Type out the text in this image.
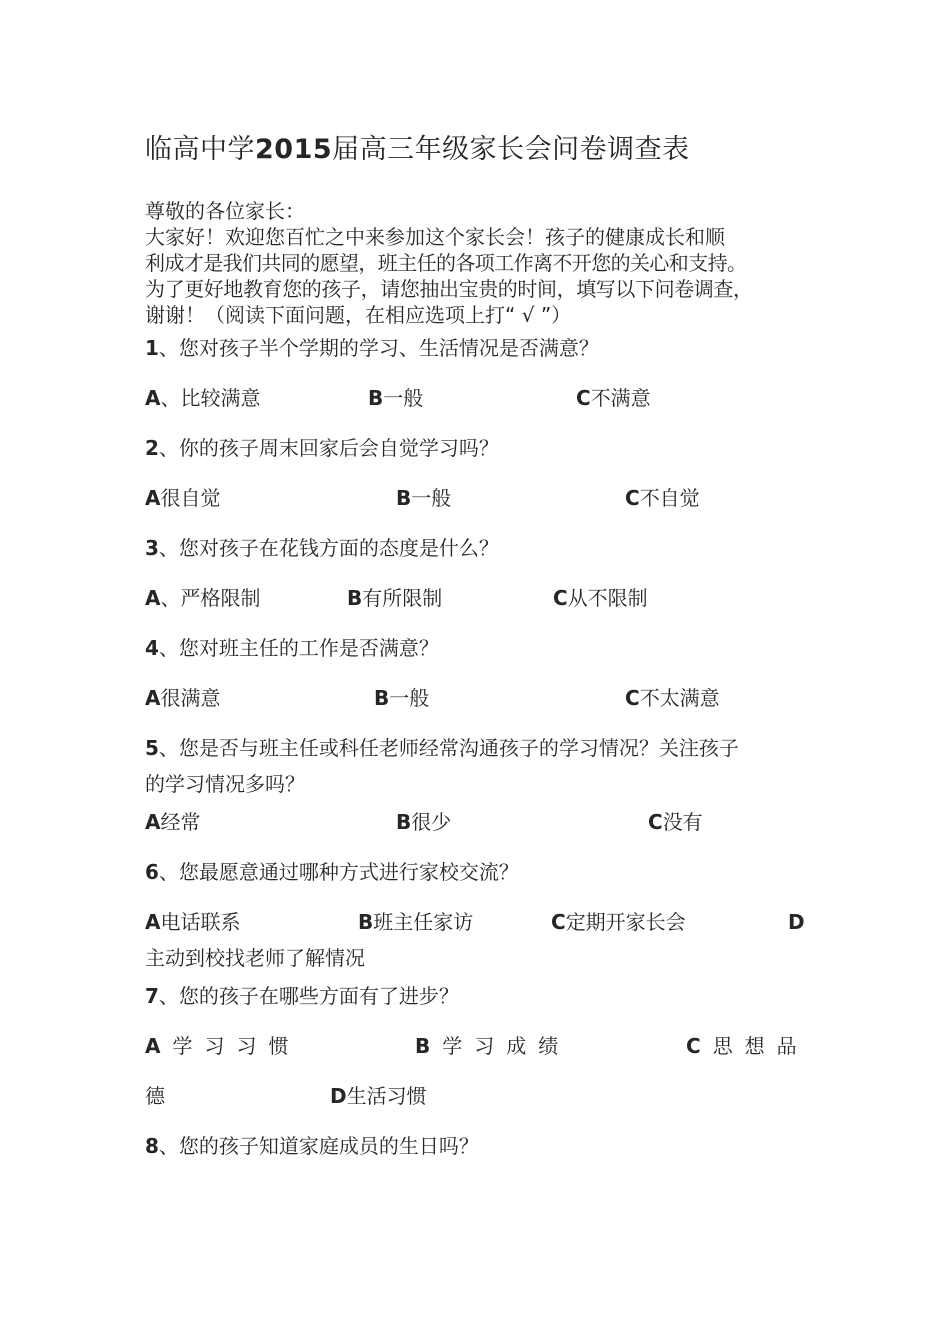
临高中学2015届高三年级家长会问卷调查表
尊敬的各位家长：
大家好！欢迎您百忙之中来参加这个家长会！孩子的健康成长和顺
利成才是我们共同的愿望，班主任的各项工作离不开您的关心和支持。
为了更好地教育您的孩子，请您抽出宝贵的时间，填写以下问卷调查，
谢谢！（阅读下面问题，在相应选项上打“ √ ”）
1、您对孩子半个学期的学习、生活情况是否满意？
A、比较满意	B一般	C不满意
2、你的孩子周末回家后会自觉学习吗？
A很自觉	B一般	C不自觉
3、您对孩子在花钱方面的态度是什么？
A、严格限制	B有所限制	C从不限制
4、您对班主任的工作是否满意？
A很满意	B一般	C不太满意
5、您是否与班主任或科任老师经常沟通孩子的学习情况？关注孩子
的学习情况多吗？
A经常	B很少	C没有
6、您最愿意通过哪种方式进行家校交流？
A电话联系	B班主任家访	C定期开家长会	D
主动到校找老师了解情况
7、您的孩子在哪些方面有了进步？
A学习习惯	B学习成绩	C思想品
德	D生活习惯
8、您的孩子知道家庭成员的生日吗？
